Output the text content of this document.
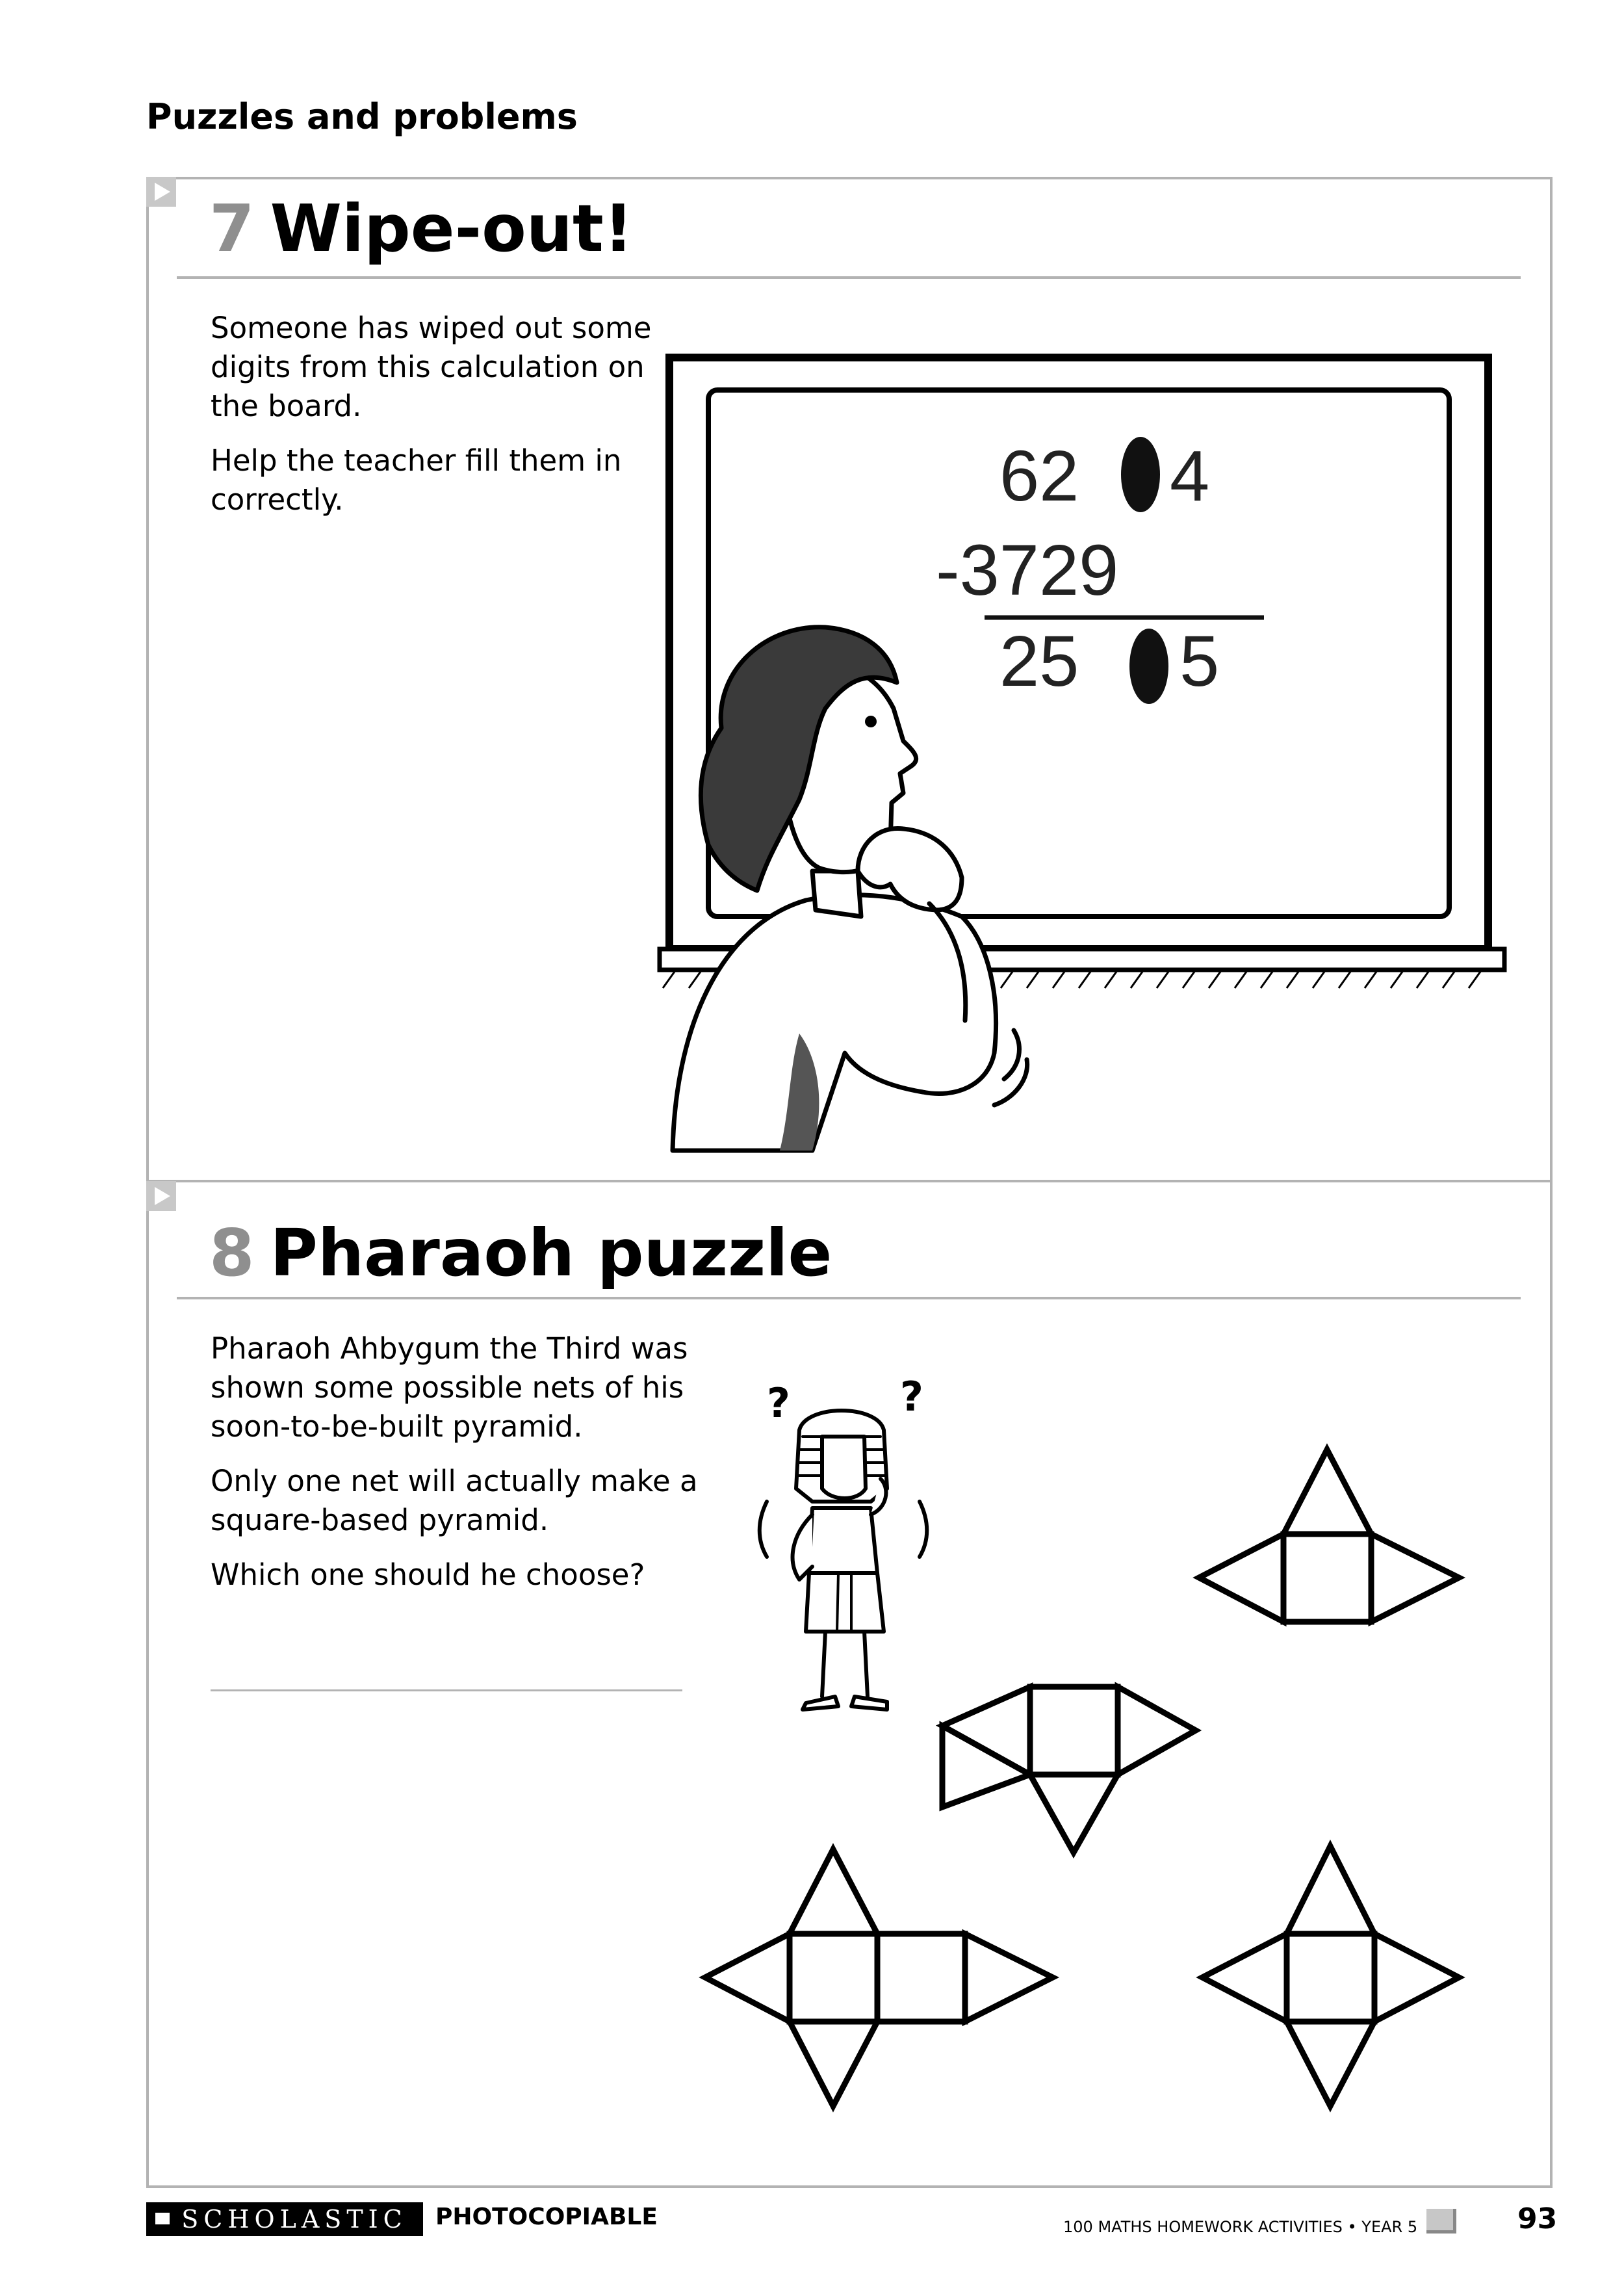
Puzzles and problems
7 Wipe-out!

Someone has wiped out some digits from this calculation on the board.

Help the teacher fill them in correctly.	62 4
-3729
25 5
8 Pharaoh puzzle

Pharaoh Ahbygum the Third was shown some possible nets of his soon-to-be-built pyramid.

Only one net will actually make a square-based pyramid.

Which one should he choose?

?	?
SCHOLASTIC	PHOTOCOPIABLE	100 MATHS HOMEWORK ACTIVITIES • YEAR 5	93
